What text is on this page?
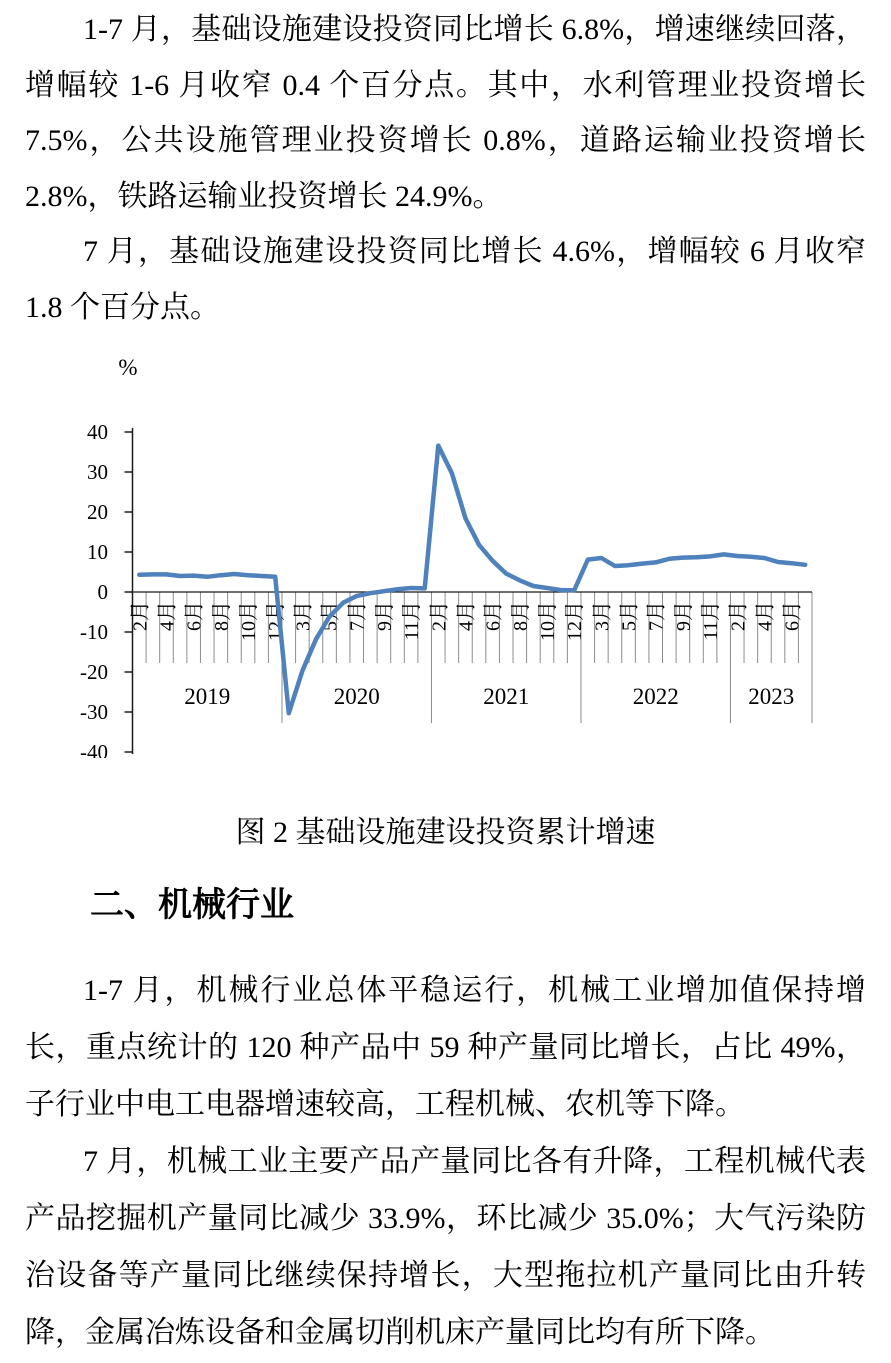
1-7 月，基础设施建设投资同比增长 6.8%，增速继续回落，增幅较 1-6 月收窄 0.4 个百分点。其中，水利管理业投资增长 7.5%，公共设施管理业投资增长 0.8%，道路运输业投资增长 2.8%，铁路运输业投资增长 24.9%。

7 月，基础设施建设投资同比增长 4.6%，增幅较 6 月收窄 1.8 个百分点。

%
40
30
20
10
0
-10
-20
-30
-40
2月 4月 6月 8月 10月 12月 3月 5月 7月 9月 11月 2月 4月 6月 8月 10月 12月 3月 5月 7月 9月 11月 2月 4月 6月
2019	2020	2021	2022	2023
图 2 基础设施建设投资累计增速
二、机械行业

1-7 月，机械行业总体平稳运行，机械工业增加值保持增长，重点统计的 120 种产品中 59 种产量同比增长，占比 49%，子行业中电工电器增速较高，工程机械、农机等下降。

7 月，机械工业主要产品产量同比各有升降，工程机械代表产品挖掘机产量同比减少 33.9%，环比减少 35.0%；大气污染防治设备等产量同比继续保持增长，大型拖拉机产量同比由升转降，金属冶炼设备和金属切削机床产量同比均有所下降。
